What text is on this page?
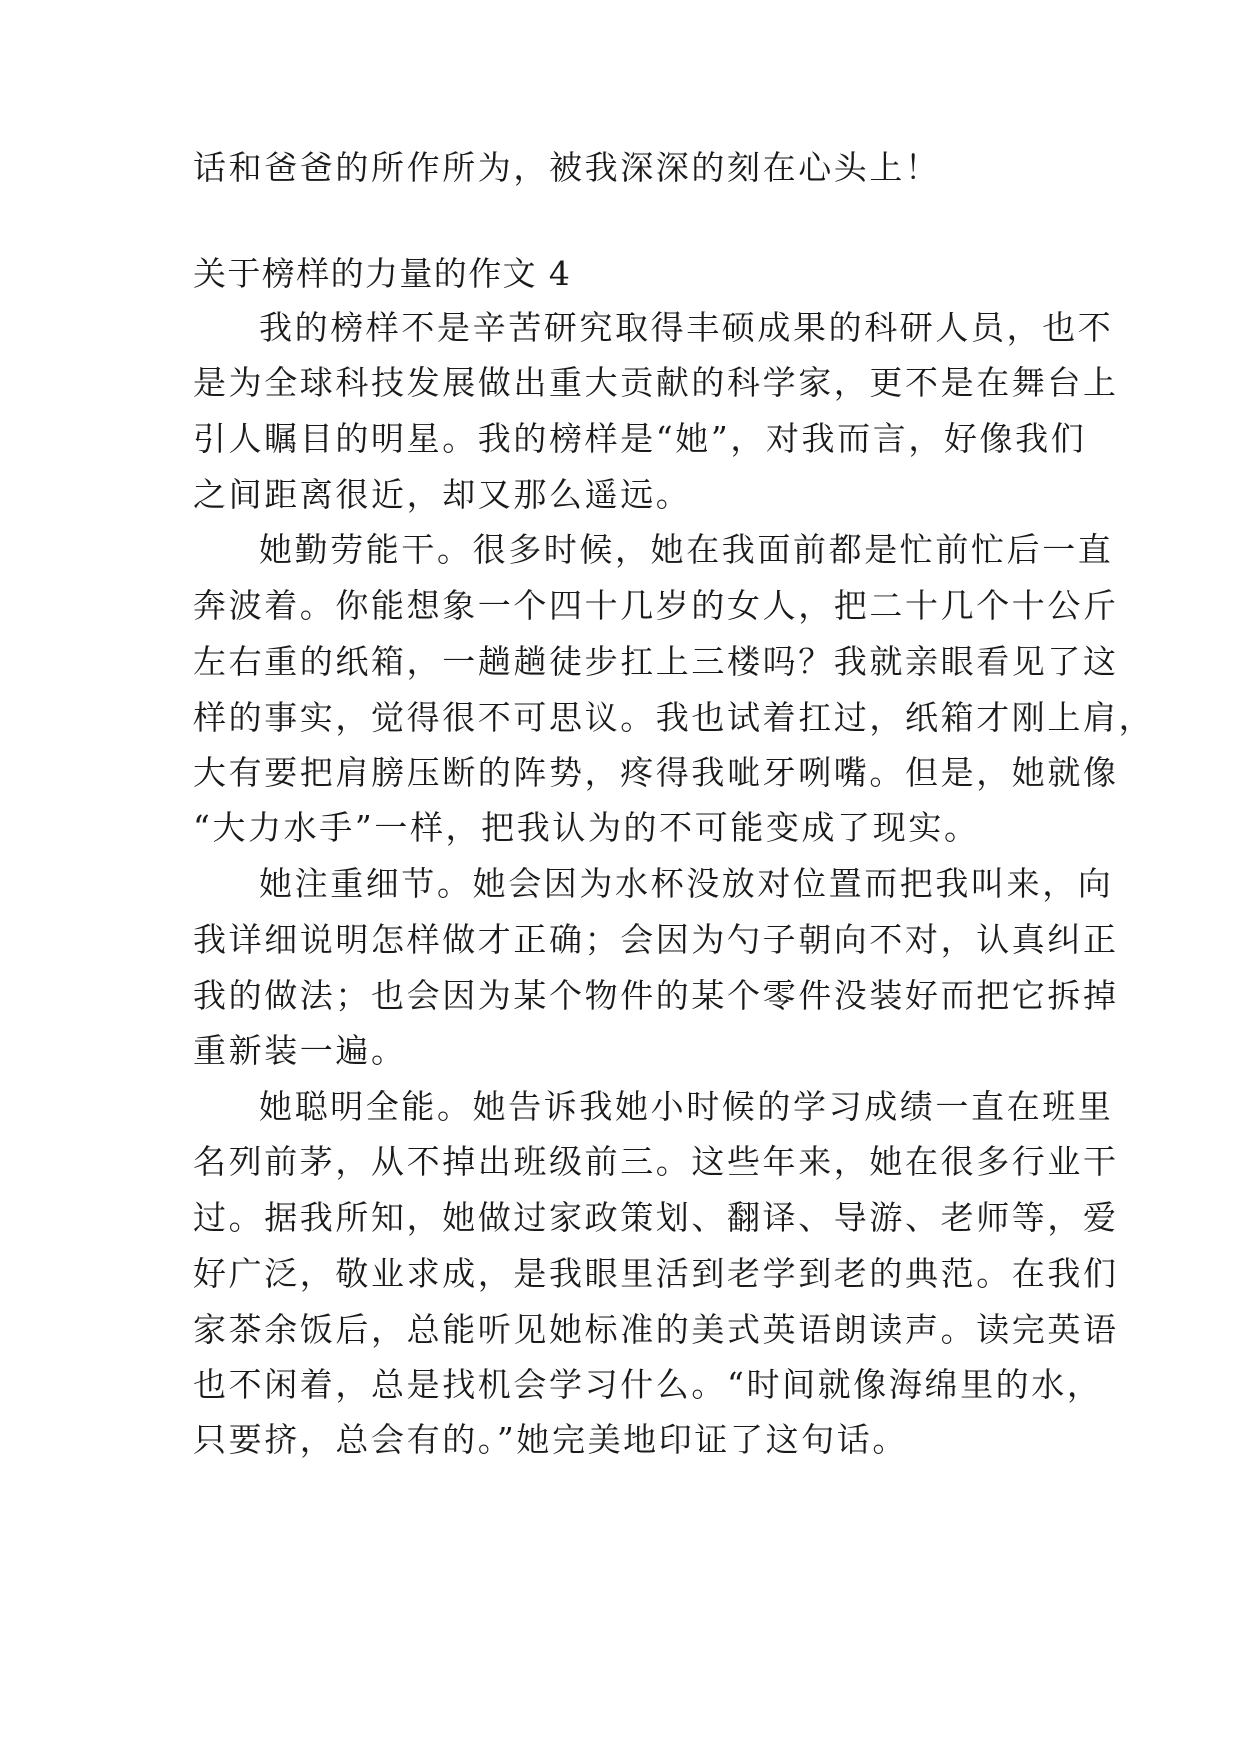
话和爸爸的所作所为，被我深深的刻在心头上！
关于榜样的力量的作文 4
我的榜样不是辛苦研究取得丰硕成果的科研人员，也不
是为全球科技发展做出重大贡献的科学家，更不是在舞台上
引人瞩目的明星。我的榜样是“她”，对我而言，好像我们
之间距离很近，却又那么遥远。
她勤劳能干。很多时候，她在我面前都是忙前忙后一直
奔波着。你能想象一个四十几岁的女人，把二十几个十公斤
左右重的纸箱，一趟趟徒步扛上三楼吗？我就亲眼看见了这
样的事实，觉得很不可思议。我也试着扛过，纸箱才刚上肩，
大有要把肩膀压断的阵势，疼得我呲牙咧嘴。但是，她就像
“大力水手”一样，把我认为的不可能变成了现实。
她注重细节。她会因为水杯没放对位置而把我叫来，向
我详细说明怎样做才正确；会因为勺子朝向不对，认真纠正
我的做法；也会因为某个物件的某个零件没装好而把它拆掉
重新装一遍。
她聪明全能。她告诉我她小时候的学习成绩一直在班里
名列前茅，从不掉出班级前三。这些年来，她在很多行业干
过。据我所知，她做过家政策划、翻译、导游、老师等，爱
好广泛，敬业求成，是我眼里活到老学到老的典范。在我们
家茶余饭后，总能听见她标准的美式英语朗读声。读完英语
也不闲着，总是找机会学习什么。“时间就像海绵里的水，
只要挤，总会有的。”她完美地印证了这句话。
